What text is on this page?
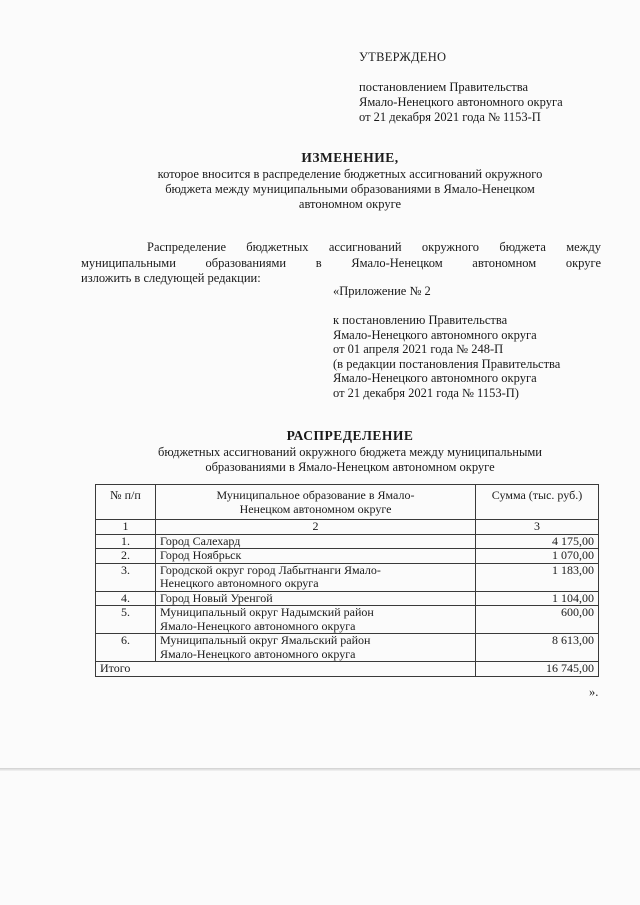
УТВЕРЖДЕНО
постановлением Правительства
Ямало-Ненецкого автономного округа
от 21 декабря 2021 года № 1153-П
ИЗМЕНЕНИЕ,
которое вносится в распределение бюджетных ассигнований окружного
бюджета между муниципальными образованиями в Ямало-Ненецком
автономном округе
Распределение бюджетных ассигнований окружного бюджета между
муниципальными образованиями в Ямало-Ненецком автономном округе
изложить в следующей редакции:
«Приложение № 2
к постановлению Правительства
Ямало-Ненецкого автономного округа
от 01 апреля 2021 года № 248-П
(в редакции постановления Правительства
Ямало-Ненецкого автономного округа
от 21 декабря 2021 года № 1153-П)
РАСПРЕДЕЛЕНИЕ
бюджетных ассигнований окружного бюджета между муниципальными
образованиями в Ямало-Ненецком автономном округе
№ п/п	Муниципальное образование в Ямало-
Ненецком автономном округе	Сумма (тыс. руб.)
1	2	3
1.	Город Салехард	4 175,00
2.	Город Ноябрьск	1 070,00
3.	Городской округ город Лабытнанги Ямало-
Ненецкого автономного округа	1 183,00
4.	Город Новый Уренгой	1 104,00
5.	Муниципальный округ Надымский район
Ямало-Ненецкого автономного округа	600,00
6.	Муниципальный округ Ямальский район
Ямало-Ненецкого автономного округа	8 613,00
Итого		16 745,00
».
